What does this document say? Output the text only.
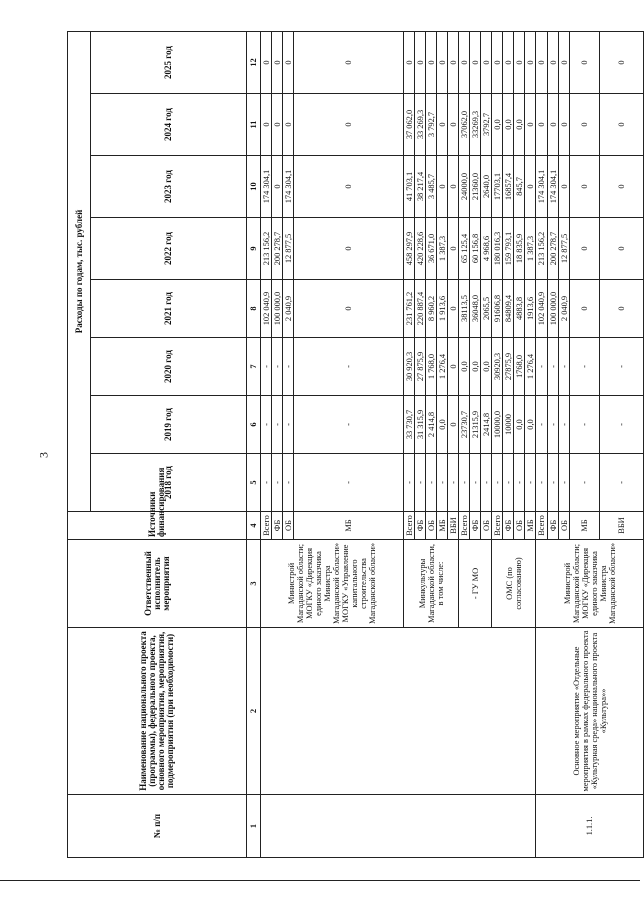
3
№ п/п	Наименование национального проекта (программы), федерального проекта, основного мероприятия, мероприятия, подмероприятия (при необходимости)	Ответственный исполнитель мероприятия	Источники финансирования	Расходы по годам, тыс. рублей							
				2018 год	2019 год	2020 год	2021 год	2022 год	2023 год	2024 год	2025 год
1	2	3	4	5	6	7	8	9	10	11	12
		Министрой Магаданской области; МОГКУ «Дирекция единого заказчика Министра Магаданской области» МОГКУ «Управление капитального строительства Магаданской области»	Всего	-	-	-	102 040,9	213 156,2	174 304,1	0	0
			ФБ	-	-	-	100 000,0	200 278,7	0	0	0
			ОБ	-	-	-	2 040,9	12 877,5	174 304,1	0	0
			МБ	-	-	-	0	0	0	0	0
		Минкультуры Магаданской области, в том числе:	Всего	-	33 730,7	30 920,3	231 761,2	458 297,9	41 703,1	37 062,0	0
			ФБ	-	31 315,9	27 875,9	220 887,4	420 228,6	38 217,4	33 269,3	0
			ОБ	-	2 414,8	1 768,0	8 960,2	36 671,0	3 485,7	3 792,7	0
			МБ	-	0,0	1 276,4	1 913,6	1 387,3	0	0	0
			ВБИ	-	0	0	0	0	0	0	0
		- ГУ МО	Всего	-	23730,7	0,0	38113,5	65 125,4	24000,0	37062,0	0
			ФБ	-	21315,9	0,0	36048,0	60 156,8	21360,0	33269,3	0
			ОБ	-	2414,8	0,0	2065,5	4 968,6	2640,0	3792,7	0
		ОМС (по согласованию)	Всего	-	10000,0	30920,3	91606,8	180 016,3	17703,1	0,0	0
			ФБ	-	10000	27875,9	84809,4	159 793,1	16857,4	0,0	0
			ОБ	-	0,0	1768,0	4883,8	18 835,9	845,7	0,0	0
			МБ	-	0,0	1 276,4	1913,6	1 387,3	0	0	0
1.1.1.	Основное мероприятие «Отдельные мероприятия в рамках федерального проекта «Культурная среда» национального проекта «Культура»»	Министрой Магаданской области; МОГКУ «Дирекция единого заказчика Министра Магаданской области»	Всего	-	-	-	102 040,9	213 156,2	174 304,1	0	0
			ФБ	-	-	-	100 000,0	200 278,7	174 304,1	0	0
			ОБ	-	-	-	2 040,9	12 877,5	0	0	0
			МБ	-	-	-	0	0	0	0	0
			ВБИ	-	-	-	0	0	0	0	0
